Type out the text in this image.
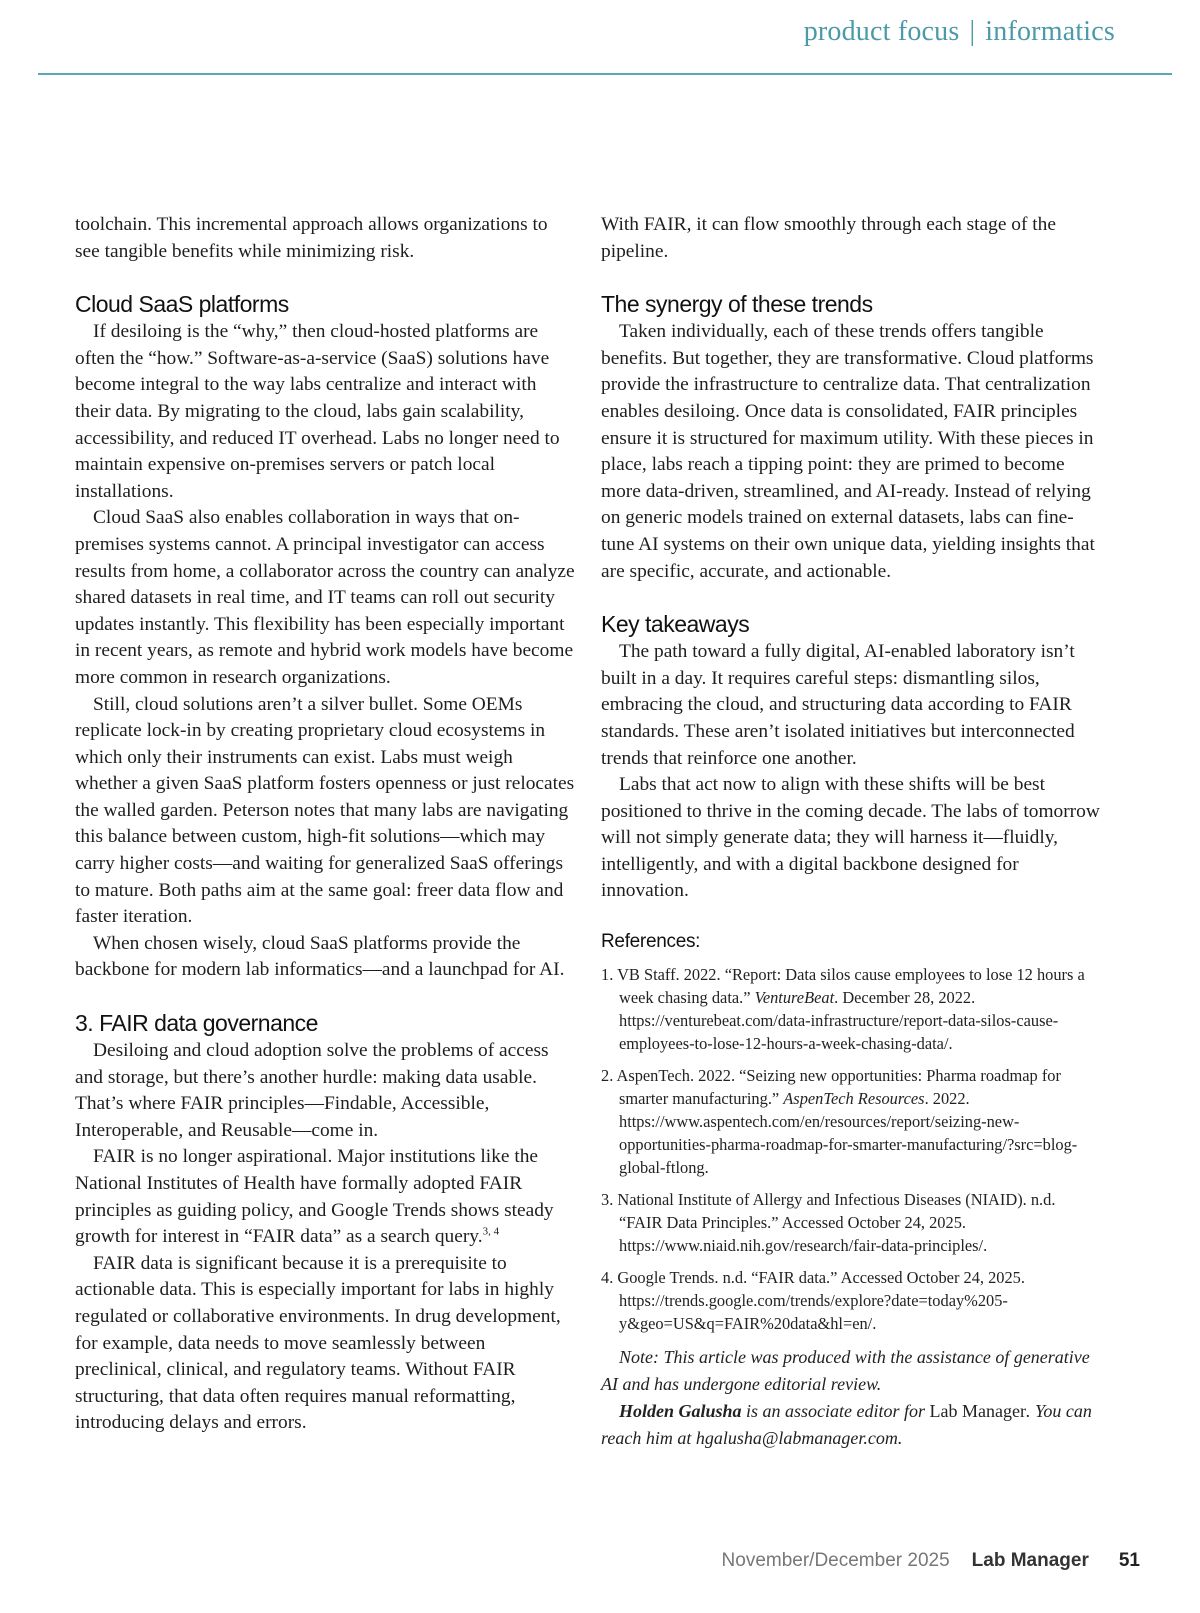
product focus | informatics

toolchain. This incremental approach allows organizations to see tangible benefits while minimizing risk.

Cloud SaaS platforms

If desiloing is the “why,” then cloud-hosted platforms are often the “how.” Software-as-a-service (SaaS) solutions have become integral to the way labs centralize and interact with their data. By migrating to the cloud, labs gain scalability, accessibility, and reduced IT overhead. Labs no longer need to maintain expensive on-premises servers or patch local installations.

Cloud SaaS also enables collaboration in ways that on-premises systems cannot. A principal investigator can access results from home, a collaborator across the country can analyze shared datasets in real time, and IT teams can roll out security updates instantly. This flexibility has been especially important in recent years, as remote and hybrid work models have become more common in research organizations.

Still, cloud solutions aren’t a silver bullet. Some OEMs replicate lock-in by creating proprietary cloud ecosystems in which only their instruments can exist. Labs must weigh whether a given SaaS platform fosters openness or just relocates the walled garden. Peterson notes that many labs are navigating this balance between custom, high-fit solutions—which may carry higher costs—and waiting for generalized SaaS offerings to mature. Both paths aim at the same goal: freer data flow and faster iteration.

When chosen wisely, cloud SaaS platforms provide the backbone for modern lab informatics—and a launchpad for AI.

3. FAIR data governance

Desiloing and cloud adoption solve the problems of access and storage, but there’s another hurdle: making data usable. That’s where FAIR principles—Findable, Accessible, Interoperable, and Reusable—come in.

FAIR is no longer aspirational. Major institutions like the National Institutes of Health have formally adopted FAIR principles as guiding policy, and Google Trends shows steady growth for interest in “FAIR data” as a search query.$^{3, 4}$

FAIR data is significant because it is a prerequisite to actionable data. This is especially important for labs in highly regulated or collaborative environments. In drug development, for example, data needs to move seamlessly between preclinical, clinical, and regulatory teams. Without FAIR structuring, that data often requires manual reformatting, introducing delays and errors.

With FAIR, it can flow smoothly through each stage of the pipeline.

The synergy of these trends

Taken individually, each of these trends offers tangible benefits. But together, they are transformative. Cloud platforms provide the infrastructure to centralize data. That centralization enables desiloing. Once data is consolidated, FAIR principles ensure it is structured for maximum utility. With these pieces in place, labs reach a tipping point: they are primed to become more data-driven, streamlined, and AI-ready. Instead of relying on generic models trained on external datasets, labs can fine-tune AI systems on their own unique data, yielding insights that are specific, accurate, and actionable.

Key takeaways

The path toward a fully digital, AI-enabled laboratory isn’t built in a day. It requires careful steps: dismantling silos, embracing the cloud, and structuring data according to FAIR standards. These aren’t isolated initiatives but interconnected trends that reinforce one another.

Labs that act now to align with these shifts will be best positioned to thrive in the coming decade. The labs of tomorrow will not simply generate data; they will harness it—fluidly, intelligently, and with a digital backbone designed for innovation.

References:
1. VB Staff. 2022. “Report: Data silos cause employees to lose 12 hours a week chasing data.” VentureBeat. December 28, 2022. https://venturebeat.com/data-infrastructure/report-data-silos-cause-employees-to-lose-12-hours-a-week-chasing-data/.
2. AspenTech. 2022. “Seizing new opportunities: Pharma roadmap for smarter manufacturing.” AspenTech Resources. 2022. https://www.aspentech.com/en/resources/report/seizing-new-opportunities-pharma-roadmap-for-smarter-manufacturing/?src=blog-global-ftlong.
3. National Institute of Allergy and Infectious Diseases (NIAID). n.d. “FAIR Data Principles.” Accessed October 24, 2025. https://www.niaid.nih.gov/research/fair-data-principles/.
4. Google Trends. n.d. “FAIR data.” Accessed October 24, 2025. https://trends.google.com/trends/explore?date=today%205-y&geo=US&q=FAIR%20data&hl=en/.

Note: This article was produced with the assistance of generative AI and has undergone editorial review.

Holden Galusha is an associate editor for Lab Manager. You can reach him at hgalusha@labmanager.com.

November/December 2025 Lab Manager 51
